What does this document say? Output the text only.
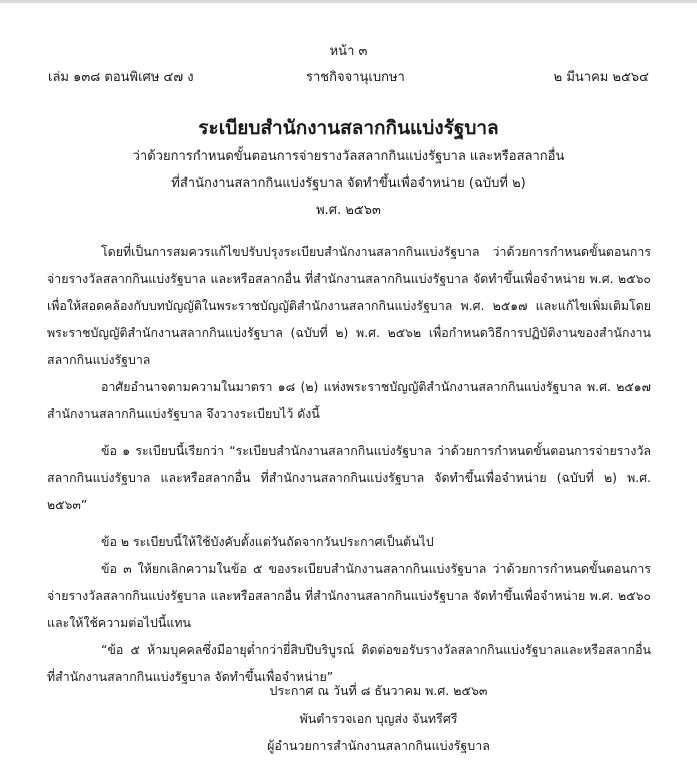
หน้า ๓
เล่ม ๑๓๘ ตอนพิเศษ ๔๗ ง	ราชกิจจานุเบกษา	๒ มีนาคม ๒๕๖๔
ระเบียบสำนักงานสลากกินแบ่งรัฐบาล
ว่าด้วยการกำหนดขั้นตอนการจ่ายรางวัลสลากกินแบ่งรัฐบาล และหรือสลากอื่น
ที่สำนักงานสลากกินแบ่งรัฐบาล จัดทำขึ้นเพื่อจำหน่าย (ฉบับที่ ๒)
พ.ศ. ๒๕๖๓

โดยที่เป็นการสมควรแก้ไขปรับปรุงระเบียบสำนักงานสลากกินแบ่งรัฐบาล ว่าด้วยการกำหนดขั้นตอนการจ่ายรางวัลสลากกินแบ่งรัฐบาล และหรือสลากอื่น ที่สำนักงานสลากกินแบ่งรัฐบาล จัดทำขึ้นเพื่อจำหน่าย พ.ศ. ๒๕๖๐ เพื่อให้สอดคล้องกับบทบัญญัติในพระราชบัญญัติสำนักงานสลากกินแบ่งรัฐบาล พ.ศ. ๒๕๑๗ และแก้ไขเพิ่มเติมโดยพระราชบัญญัติสำนักงานสลากกินแบ่งรัฐบาล (ฉบับที่ ๒) พ.ศ. ๒๕๖๒ เพื่อกำหนดวิธีการปฏิบัติงานของสำนักงานสลากกินแบ่งรัฐบาล

อาศัยอำนาจตามความในมาตรา ๑๘ (๒) แห่งพระราชบัญญัติสำนักงานสลากกินแบ่งรัฐบาล พ.ศ. ๒๕๑๗ สำนักงานสลากกินแบ่งรัฐบาล จึงวางระเบียบไว้ ดังนี้

ข้อ ๑ ระเบียบนี้เรียกว่า “ระเบียบสำนักงานสลากกินแบ่งรัฐบาล ว่าด้วยการกำหนดขั้นตอนการจ่ายรางวัลสลากกินแบ่งรัฐบาล และหรือสลากอื่น ที่สำนักงานสลากกินแบ่งรัฐบาล จัดทำขึ้นเพื่อจำหน่าย (ฉบับที่ ๒) พ.ศ. ๒๕๖๓”

ข้อ ๒ ระเบียบนี้ให้ใช้บังคับตั้งแต่วันถัดจากวันประกาศเป็นต้นไป

ข้อ ๓ ให้ยกเลิกความในข้อ ๕ ของระเบียบสำนักงานสลากกินแบ่งรัฐบาล ว่าด้วยการกำหนดขั้นตอนการจ่ายรางวัลสลากกินแบ่งรัฐบาล และหรือสลากอื่น ที่สำนักงานสลากกินแบ่งรัฐบาล จัดทำขึ้นเพื่อจำหน่าย พ.ศ. ๒๕๖๐ และให้ใช้ความต่อไปนี้แทน

“ข้อ ๕ ห้ามบุคคลซึ่งมีอายุต่ำกว่ายี่สิบปีบริบูรณ์ ติดต่อขอรับรางวัลสลากกินแบ่งรัฐบาลและหรือสลากอื่น ที่สำนักงานสลากกินแบ่งรัฐบาล จัดทำขึ้นเพื่อจำหน่าย”

ประกาศ ณ วันที่ ๘ ธันวาคม พ.ศ. ๒๕๖๓
พันตำรวจเอก บุญส่ง จันทรีศรี
ผู้อำนวยการสำนักงานสลากกินแบ่งรัฐบาล
